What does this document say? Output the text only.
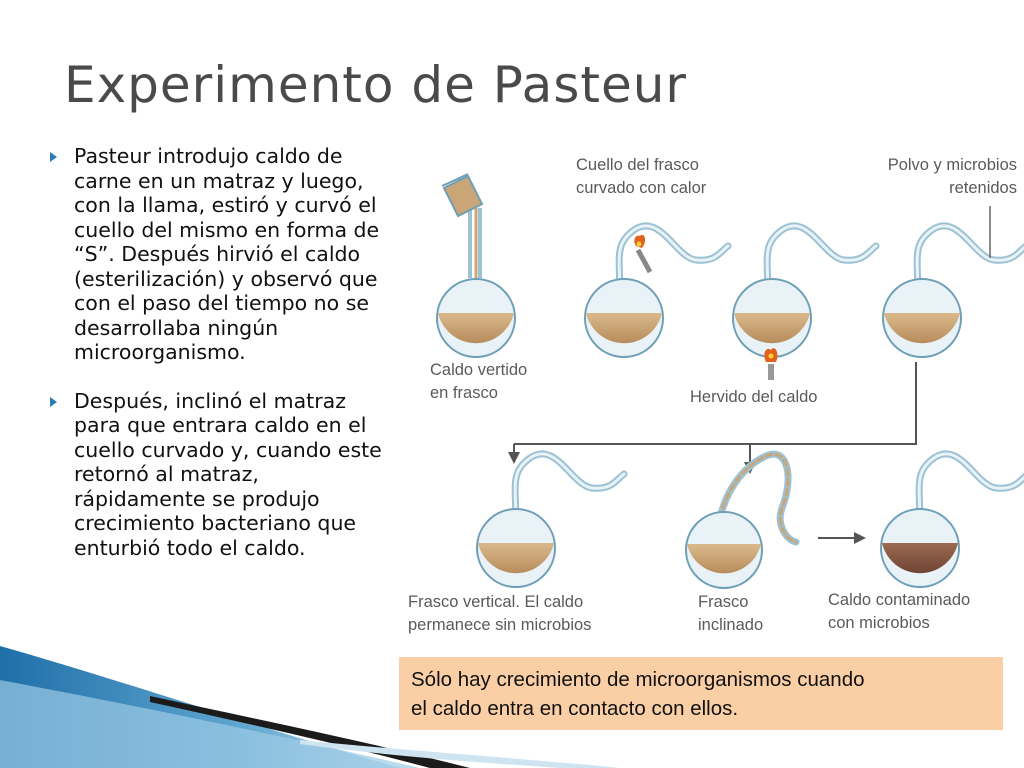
Experimento de Pasteur
Pasteur introdujo caldo de carne en un matraz y luego, con la llama, estiró y curvó el cuello del mismo en forma de “S”. Después hirvió el caldo (esterilización) y observó que con el paso del tiempo no se desarrollaba ningún microorganismo.
Después, inclinó el matraz para que entrara caldo en el cuello curvado y, cuando este retornó al matraz, rápidamente se produjo crecimiento bacteriano que enturbió todo el caldo.
Cuello del frasco
curvado con calor
Polvo y microbios
retenidos
Caldo vertido
en frasco	Hervido del caldo
Frasco vertical. El caldo
permanece sin microbios
Frasco
inclinado
Caldo contaminado
con microbios
Sólo hay crecimiento de microorganismos cuando
el caldo entra en contacto con ellos.
